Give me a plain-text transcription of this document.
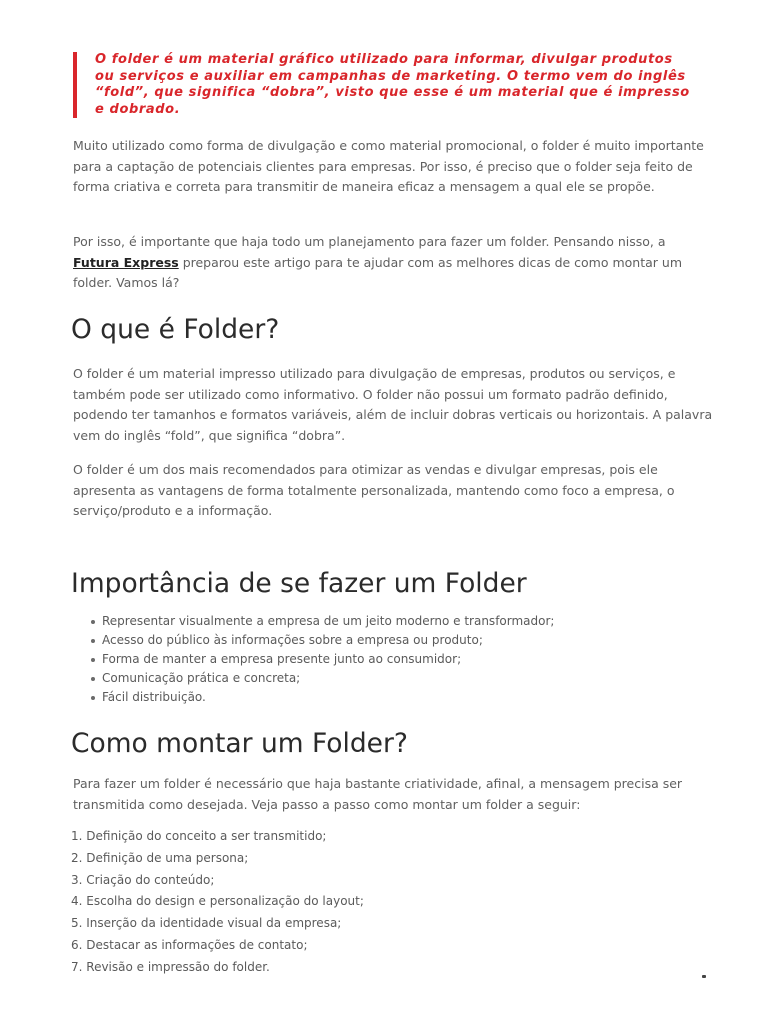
O folder é um material gráfico utilizado para informar, divulgar produtos ou serviços e auxiliar em campanhas de marketing. O termo vem do inglês “fold”, que significa “dobra”, visto que esse é um material que é impresso e dobrado.

Muito utilizado como forma de divulgação e como material promocional, o folder é muito importante para a captação de potenciais clientes para empresas. Por isso, é preciso que o folder seja feito de forma criativa e correta para transmitir de maneira eficaz a mensagem a qual ele se propõe.

Por isso, é importante que haja todo um planejamento para fazer um folder. Pensando nisso, a Futura Express preparou este artigo para te ajudar com as melhores dicas de como montar um folder. Vamos lá?

O que é Folder?

O folder é um material impresso utilizado para divulgação de empresas, produtos ou serviços, e também pode ser utilizado como informativo. O folder não possui um formato padrão definido, podendo ter tamanhos e formatos variáveis, além de incluir dobras verticais ou horizontais. A palavra vem do inglês “fold”, que significa “dobra”.

O folder é um dos mais recomendados para otimizar as vendas e divulgar empresas, pois ele apresenta as vantagens de forma totalmente personalizada, mantendo como foco a empresa, o serviço/produto e a informação.

Importância de se fazer um Folder
Representar visualmente a empresa de um jeito moderno e transformador;
Acesso do público às informações sobre a empresa ou produto;
Forma de manter a empresa presente junto ao consumidor;
Comunicação prática e concreta;
Fácil distribuição.
Como montar um Folder?

Para fazer um folder é necessário que haja bastante criatividade, afinal, a mensagem precisa ser transmitida como desejada. Veja passo a passo como montar um folder a seguir:

1. Definição do conceito a ser transmitido;
2. Definição de uma persona;
3. Criação do conteúdo;
4. Escolha do design e personalização do layout;
5. Inserção da identidade visual da empresa;
6. Destacar as informações de contato;
7. Revisão e impressão do folder.
